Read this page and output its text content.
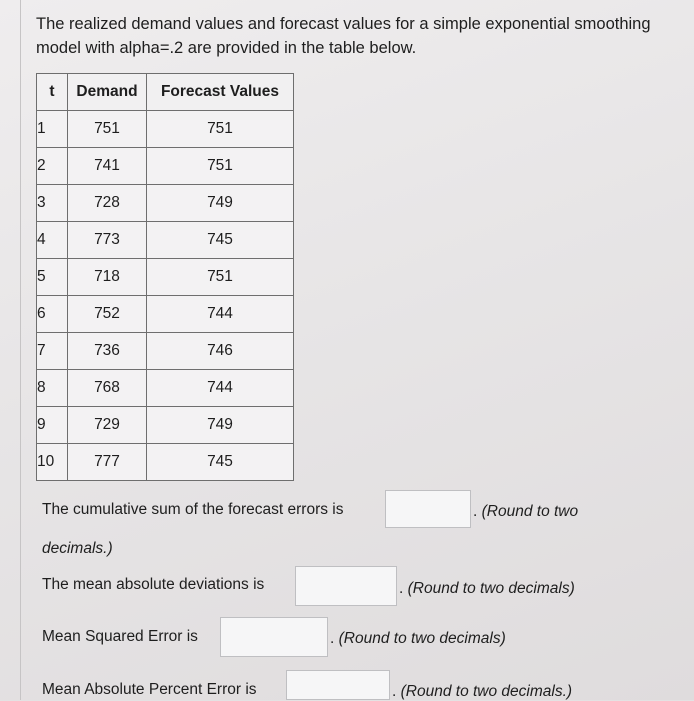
The realized demand values and forecast values for a simple exponential smoothing model with alpha=.2 are provided in the table below.

t	Demand	Forecast Values
1	751	751
2	741	751
3	728	749
4	773	745
5	718	751
6	752	744
7	736	746
8	768	744
9	729	749
10	777	745

The cumulative sum of the forecast errors is	. (Round to two

decimals.)

The mean absolute deviations is	. (Round to two decimals)

Mean Squared Error is	. (Round to two decimals)

Mean Absolute Percent Error is	. (Round to two decimals.)
